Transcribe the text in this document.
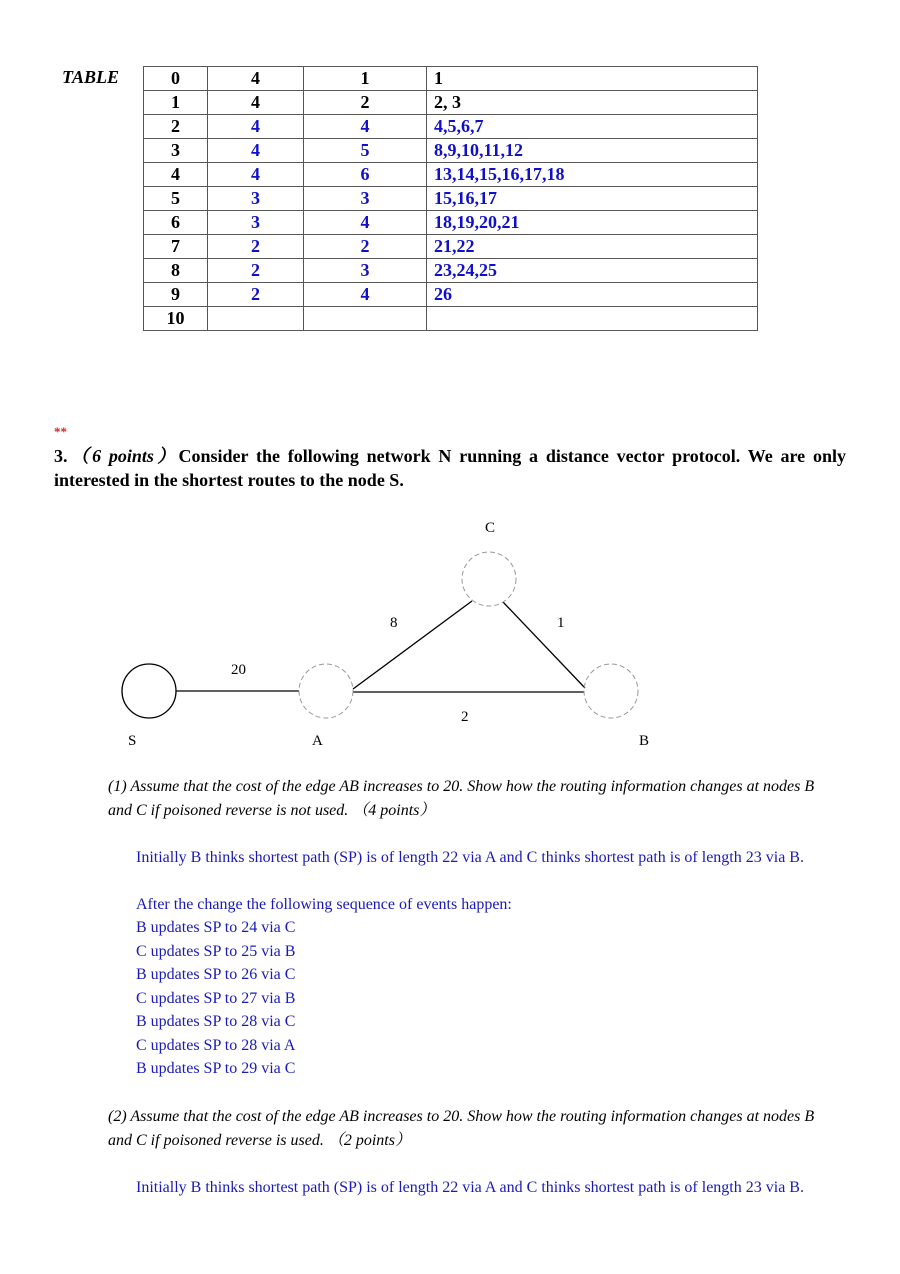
TABLE	0	4	1	1
1	4	2	2, 3
2	4	4	4,5,6,7
3	4	5	8,9,10,11,12
4	4	6	13,14,15,16,17,18
5	3	3	15,16,17
6	3	4	18,19,20,21
7	2	2	21,22
8	2	3	23,24,25
9	2	4	26
10			
**
3.（6 points）Consider the following network N running a distance vector protocol. We are only interested in the shortest routes to the node S.
S	A	B
C
20
8	1
2
(1) Assume that the cost of the edge AB increases to 20. Show how the routing information changes at nodes B
and C if poisoned reverse is not used. （4 points）
Initially B thinks shortest path (SP) is of length 22 via A and C thinks shortest path is of length 23 via B.
After the change the following sequence of events happen:
B updates SP to 24 via C
C updates SP to 25 via B
B updates SP to 26 via C
C updates SP to 27 via B
B updates SP to 28 via C
C updates SP to 28 via A
B updates SP to 29 via C
(2) Assume that the cost of the edge AB increases to 20. Show how the routing information changes at nodes B
and C if poisoned reverse is used. （2 points）
Initially B thinks shortest path (SP) is of length 22 via A and C thinks shortest path is of length 23 via B.
